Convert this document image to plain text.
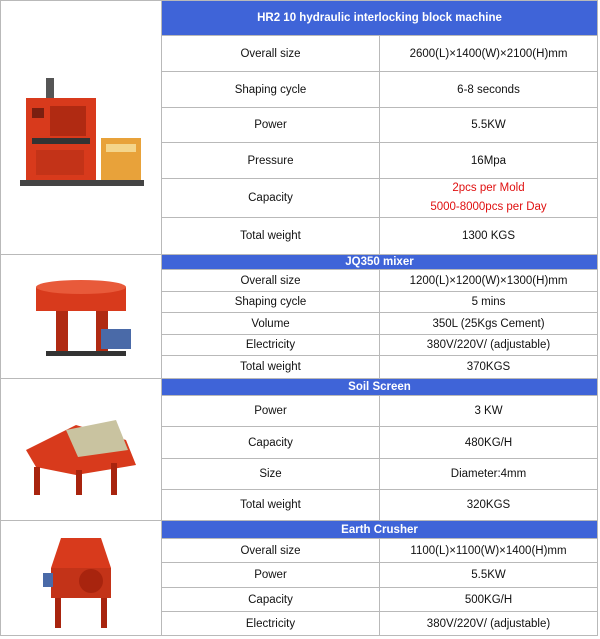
	HR2 10 hydraulic interlocking block machine	
	Overall size	2600(L)×1400(W)×2100(H)mm
	Shaping cycle	6-8 seconds
	Power	5.5KW
	Pressure	16Mpa
	Capacity	2pcs per Mold
5000-8000pcs per Day

	Total weight	1300 KGS

	JQ350 mixer	
	Overall size	1200(L)×1200(W)×1300(H)mm
	Shaping cycle	5 mins
	Volume	350L (25Kgs Cement)
	Electricity	380V/220V/ (adjustable)
	Total weight	370KGS

	Soil Screen	
	Power	3 KW
	Capacity	480KG/H
	Size	Diameter:4mm
	Total weight	320KGS

	Earth Crusher	
	Overall size	1100(L)×1100(W)×1400(H)mm
	Power	5.5KW
	Capacity	500KG/H
	Electricity	380V/220V/ (adjustable)
